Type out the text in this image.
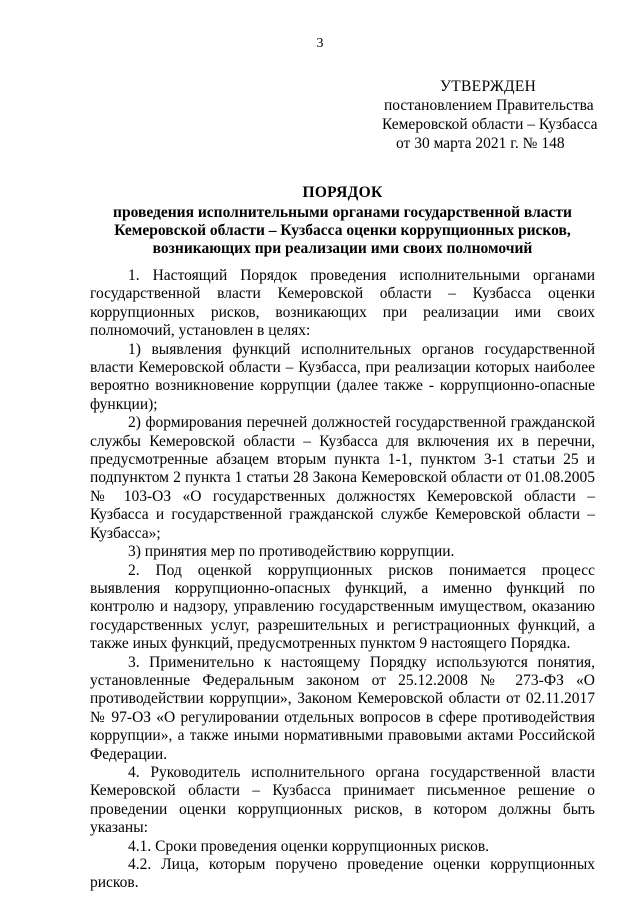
3
УТВЕРЖДЕН
постановлением Правительства
Кемеровской области – Кузбасса
от 30 марта 2021 г. № 148
ПОРЯДОК
проведения исполнительными органами государственной власти Кемеровской области – Кузбасса оценки коррупционных рисков, возникающих при реализации ими своих полномочий

1. Настоящий Порядок проведения исполнительными органами государственной власти Кемеровской области – Кузбасса оценки коррупционных рисков, возникающих при реализации ими своих полномочий, установлен в целях:

1) выявления функций исполнительных органов государственной власти Кемеровской области – Кузбасса, при реализации которых наиболее вероятно возникновение коррупции (далее также - коррупционно-опасные функции);

2) формирования перечней должностей государственной гражданской службы Кемеровской области – Кузбасса для включения их в перечни, предусмотренные абзацем вторым пункта 1-1, пунктом 3-1 статьи 25 и подпунктом 2 пункта 1 статьи 28 Закона Кемеровской области от 01.08.2005 № 103-ОЗ «О государственных должностях Кемеровской области – Кузбасса и государственной гражданской службе Кемеровской области – Кузбасса»;

3) принятия мер по противодействию коррупции.

2. Под оценкой коррупционных рисков понимается процесс выявления коррупционно-опасных функций, а именно функций по контролю и надзору, управлению государственным имуществом, оказанию государственных услуг, разрешительных и регистрационных функций, а также иных функций, предусмотренных пунктом 9 настоящего Порядка.

3. Применительно к настоящему Порядку используются понятия, установленные Федеральным законом от 25.12.2008 № 273-ФЗ «О противодействии коррупции», Законом Кемеровской области от 02.11.2017 № 97-ОЗ «О регулировании отдельных вопросов в сфере противодействия коррупции», а также иными нормативными правовыми актами Российской Федерации.

4. Руководитель исполнительного органа государственной власти Кемеровской области – Кузбасса принимает письменное решение о проведении оценки коррупционных рисков, в котором должны быть указаны:

4.1. Сроки проведения оценки коррупционных рисков.

4.2. Лица, которым поручено проведение оценки коррупционных рисков.
